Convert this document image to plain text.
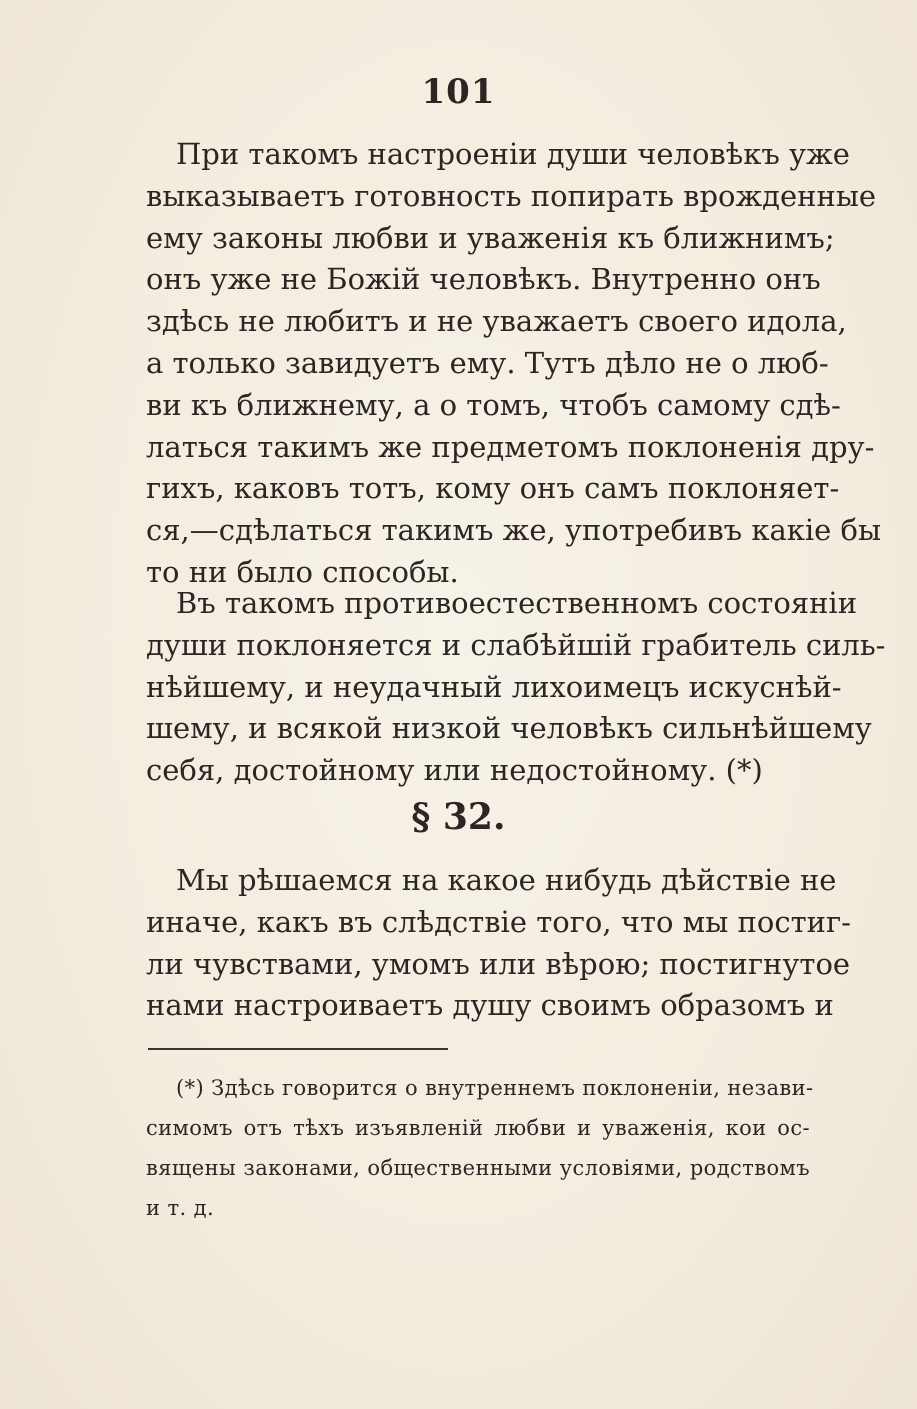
101
При такомъ настроеніи души человѣкъ уже
выказываетъ готовность попирать врожденные
ему законы любви и уваженія къ ближнимъ;
онъ уже не Божій человѣкъ. Внутренно онъ
здѣсь не любитъ и не уважаетъ своего идола,
а только завидуетъ ему. Тутъ дѣло не о люб-
ви къ ближнему, а о томъ, чтобъ самому сдѣ-
латься такимъ же предметомъ поклоненія дру-
гихъ, каковъ тотъ, кому онъ самъ поклоняет-
ся,—сдѣлаться такимъ же, употребивъ какіе бы
то ни было способы.
Въ такомъ противоестественномъ состояніи
души поклоняется и слабѣйшій грабитель силь-
нѣйшему, и неудачный лихоимецъ искуснѣй-
шему, и всякой низкой человѣкъ сильнѣйшему
себя, достойному или недостойному. (*)
§ 32.
Мы рѣшаемся на какое нибудь дѣйствіе не
иначе, какъ въ слѣдствіе того, что мы постиг-
ли чувствами, умомъ или вѣрою; постигнутое
нами настроиваетъ душу своимъ образомъ и
(*) Здѣсь говорится о внутреннемъ поклоненіи, незави-
симомъ отъ тѣхъ изъявленій любви и уваженія, кои ос-
вящены законами, общественными условіями, родствомъ
и т. д.
